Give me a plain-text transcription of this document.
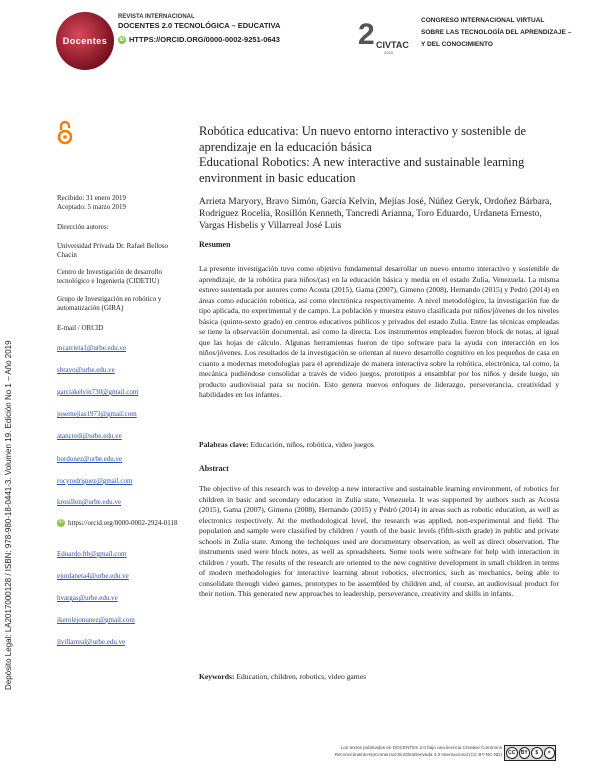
Docentes
REVISTA INTERNACIONAL
DOCENTES 2.0 TECNOLÓGICA – EDUCATIVA
iD HTTPS://ORCID.ORG/0000-0002-9251-0643	2 CIVTAC
2019
CONGRESO INTERNACIONAL VIRTUAL
SOBRE LAS TECNOLOGÍA DEL APRENDIZAJE –
Y DEL CONOCIMIENTO
Robótica educativa: Un nuevo entorno interactivo y sostenible de aprendizaje en la educación básica
Educational Robotics: A new interactive and sustainable learning environment in basic education
Arrieta Maryory, Bravo Simón, García Kelvin, Mejías José, Núñez Geryk, Ordoñez Bárbara, Rodríguez Rocelia, Rosillón Kenneth, Tancredi Arianna, Toro Eduardo, Urdaneta Ernesto, Vargas Hisbelis y Villarreal José Luis
Recibido: 31 enero 2019
Aceptado: 5 marzo 2019
Dirección autores:
Universidad Privada Dr. Rafael Belloso Chacín
Centro de Investigación de desarrollo tecnológico e Ingeniería (CIDETIU)
Grupo de Investigación en robótico y automatización (GIRA)
E-mail / ORCID
mcarrieta1@urbe.edu.ve
sbravo@urbe.edu.ve
garciakelvin730@gmail.com
josemejias1973@gmail.com
atancredi@urbe.edu.ve
bordonez@urbe.edu.ve
rocyrodriguez@gmail.com
krosillon@urbe.edu.ve
iD https://orcid.org/0000-0002-2924-0118
Eduardo.ftb@gmail.com
ejurdaneta4@urbe.edu.ve
hvargas@urbe.edu.ve
ikerolejonunez@gmail.com
jlvillarreal@urbe.edu.ve
Depósito Legal: LA2017000128 / ISBN: 978-980-18-0441-3. Volumen 19. Edición No 1 – Año 2019
Resumen
La presente investigación tuvo como objetivo fundamental desarrollar un nuevo entorno interactivo y sostenible de aprendizaje, de la robótica para niños/(as) en la educación básica y media en el estado Zulia, Venezuela. La misma estuvo sustentada por autores como Acosta (2015), Gama (2007), Gimeno (2008), Hernando (2015) y Pedró (2014) en áreas como educación robótica, así como electrónica respectivamente. A nivel metodológico, la investigación fue de tipo aplicada, no experimental y de campo. La población y muestra estuvo clasificada por niños/jóvenes de los niveles básica (quinto-sexto grado) en centros educativos públicos y privados del estado Zulia. Entre las técnicas empleadas se tiene la observación documental, así como la directa. Los instrumentos empleados fueron block de notas, al igual que las hojas de cálculo. Algunas herramientas fueron de tipo software para la ayuda con interacción en los niños/jóvenes. Los resultados de la investigación se orientan al nuevo desarrollo cognitivo en los pequeños de casa en cuanto a modernas metodologías para el aprendizaje de manera interactiva sobre la robótica, electrónica, tal como, la mecánica pudiéndose consolidar a través de video juegos, prototipos a ensamblar por los niños y desde luego, un producto audiovisual para su noción. Esto genera nuevos enfoques de liderazgo, perseverancia, creatividad y habilidades en los infantes.
Palabras clave: Educación, niños, robótica, video juegos
Abstract
The objective of this research was to develop a new interactive and sustainable learning environment, of robotics for children in basic and secondary education in Zulia state, Venezuela. It was supported by authors such as Acosta (2015), Gama (2007), Gimeno (2008), Hernando (2015) y Pedró (2014) in areas such as robotic education, as well as electronics respectively. At the methodological level, the research was applied, non-experimental and field. The population and sample were classified by children / youth of the basic levels (fifth-sixth grade) in public and private schools in Zulia state. Among the techniques used are documentary observation, as well as direct observation. The instruments used were block notes, as well as spreadsheets. Some tools were software for help with interaction in children / youth. The results of the research are oriented to the new cognitive development in small children in terms of modern methodologies for interactive learning about robotics, electronics, such as mechanics, being able to consolidate through video games, prototypes to be assembled by children and, of course, an audiovisual product for their notion. This generated new approaches to leadership, perseverance, creativity and skills in infants.
Keywords: Education, children, robotics, video games
Los textos publicados en DOCENTES 2.0 bajo una licencia Creative Commons
Reconocimiento-NoComercial-SinObraDerivada 4.0 Internacional (CC BY-NC-ND)	CC	BY	$	=
